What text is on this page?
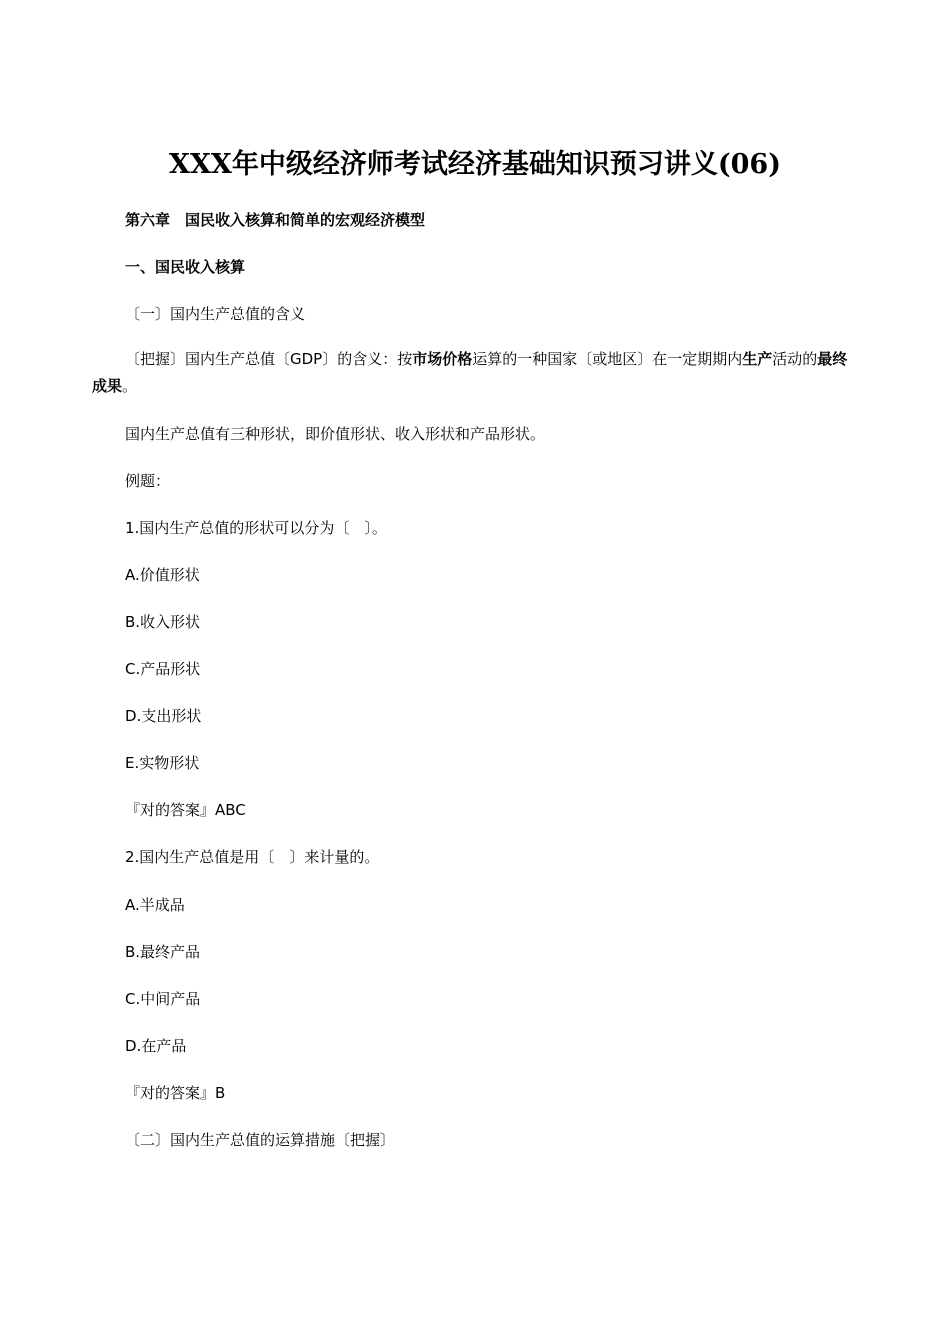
XXX年中级经济师考试经济基础知识预习讲义(06)
第六章　国民收入核算和简单的宏观经济模型
一、国民收入核算
〔一〕国内生产总值的含义
〔把握〕国内生产总值〔GDP〕的含义：按市场价格运算的一种国家〔或地区〕在一定期期内生产活动的最终成果。
国内生产总值有三种形状，即价值形状、收入形状和产品形状。
例题：
1.国内生产总值的形状可以分为〔　〕。
A.价值形状
B.收入形状
C.产品形状
D.支出形状
E.实物形状
『对的答案』ABC
2.国内生产总值是用〔　〕来计量的。
A.半成品
B.最终产品
C.中间产品
D.在产品
『对的答案』B
〔二〕国内生产总值的运算措施〔把握〕
